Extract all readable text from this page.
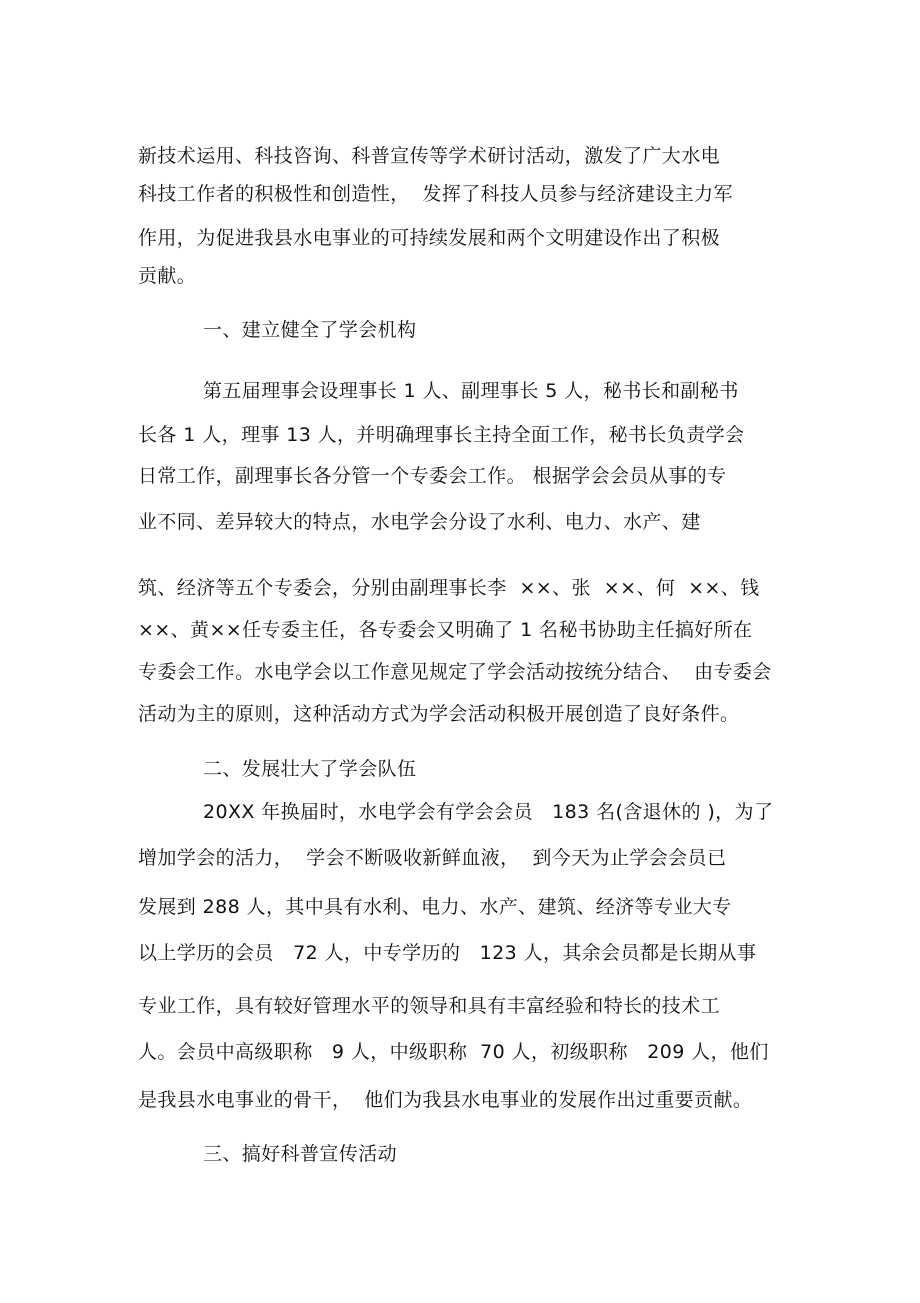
新技术运用、科技咨询、科普宣传等学术研讨活动，激发了广大水电
科技工作者的积极性和创造性，  发挥了科技人员参与经济建设主力军
作用，为促进我县水电事业的可持续发展和两个文明建设作出了积极
贡献。
一、建立健全了学会机构
第五届理事会设理事长 1 人、副理事长 5 人，秘书长和副秘书
长各 1 人，理事 13 人，并明确理事长主持全面工作，秘书长负责学会
日常工作，副理事长各分管一个专委会工作。 根据学会会员从事的专
业不同、差异较大的特点，水电学会分设了水利、电力、水产、建
筑、经济等五个专委会，分别由副理事长李  ××、张  ××、何  ××、钱
××、黄××任专委主任，各专委会又明确了 1 名秘书协助主任搞好所在
专委会工作。水电学会以工作意见规定了学会活动按统分结合、  由专委会
活动为主的原则，这种活动方式为学会活动积极开展创造了良好条件。
二、发展壮大了学会队伍
20XX 年换届时，水电学会有学会会员   183 名(含退休的 )，为了
增加学会的活力，  学会不断吸收新鲜血液，  到今天为止学会会员已
发展到 288 人，其中具有水利、电力、水产、建筑、经济等专业大专
以上学历的会员   72 人，中专学历的   123 人，其余会员都是长期从事
专业工作，具有较好管理水平的领导和具有丰富经验和特长的技术工
人。会员中高级职称   9 人，中级职称  70 人，初级职称   209 人，他们
是我县水电事业的骨干，  他们为我县水电事业的发展作出过重要贡献。
三、搞好科普宣传活动
